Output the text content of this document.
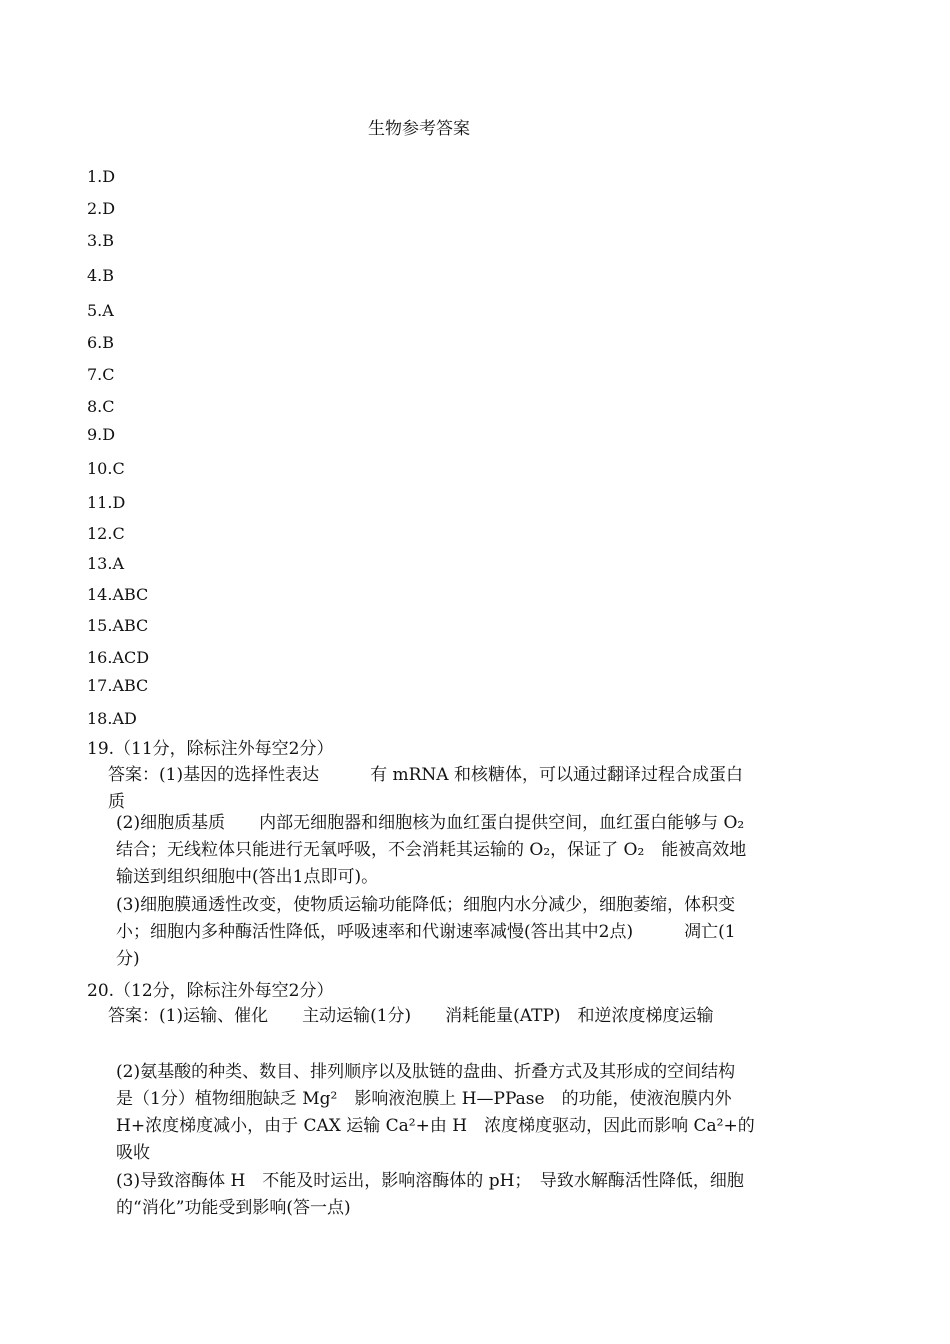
生物参考答案
1.D
2.D
3.B
4.B
5.A
6.B
7.C
8.C
9.D
10.C
11.D
12.C
13.A
14.ABC
15.ABC
16.ACD
17.ABC
18.AD
19.（11分，除标注外每空2分）
答案：(1)基因的选择性表达　　　有 mRNA 和核糖体，可以通过翻译过程合成蛋白质
(2)细胞质基质　　内部无细胞器和细胞核为血红蛋白提供空间，血红蛋白能够与 O₂　结合；无线粒体只能进行无氧呼吸，不会消耗其运输的 O₂，保证了 O₂　能被高效地输送到组织细胞中(答出1点即可)。
(3)细胞膜通透性改变，使物质运输功能降低；细胞内水分减少，细胞萎缩，体积变小；细胞内多种酶活性降低，呼吸速率和代谢速率减慢(答出其中2点)　　　凋亡(1分)
20.（12分，除标注外每空2分）
答案：(1)运输、催化　　主动运输(1分)　　消耗能量(ATP)　和逆浓度梯度运输
(2)氨基酸的种类、数目、排列顺序以及肽链的盘曲、折叠方式及其形成的空间结构　　是（1分）植物细胞缺乏 Mg²　影响液泡膜上 H—PPase　的功能，使液泡膜内外 H+浓度梯度减小，由于 CAX 运输 Ca²+由 H　浓度梯度驱动，因此而影响 Ca²+的吸收
(3)导致溶酶体 H　不能及时运出，影响溶酶体的 pH；　导致水解酶活性降低，细胞的“消化”功能受到影响(答一点)
